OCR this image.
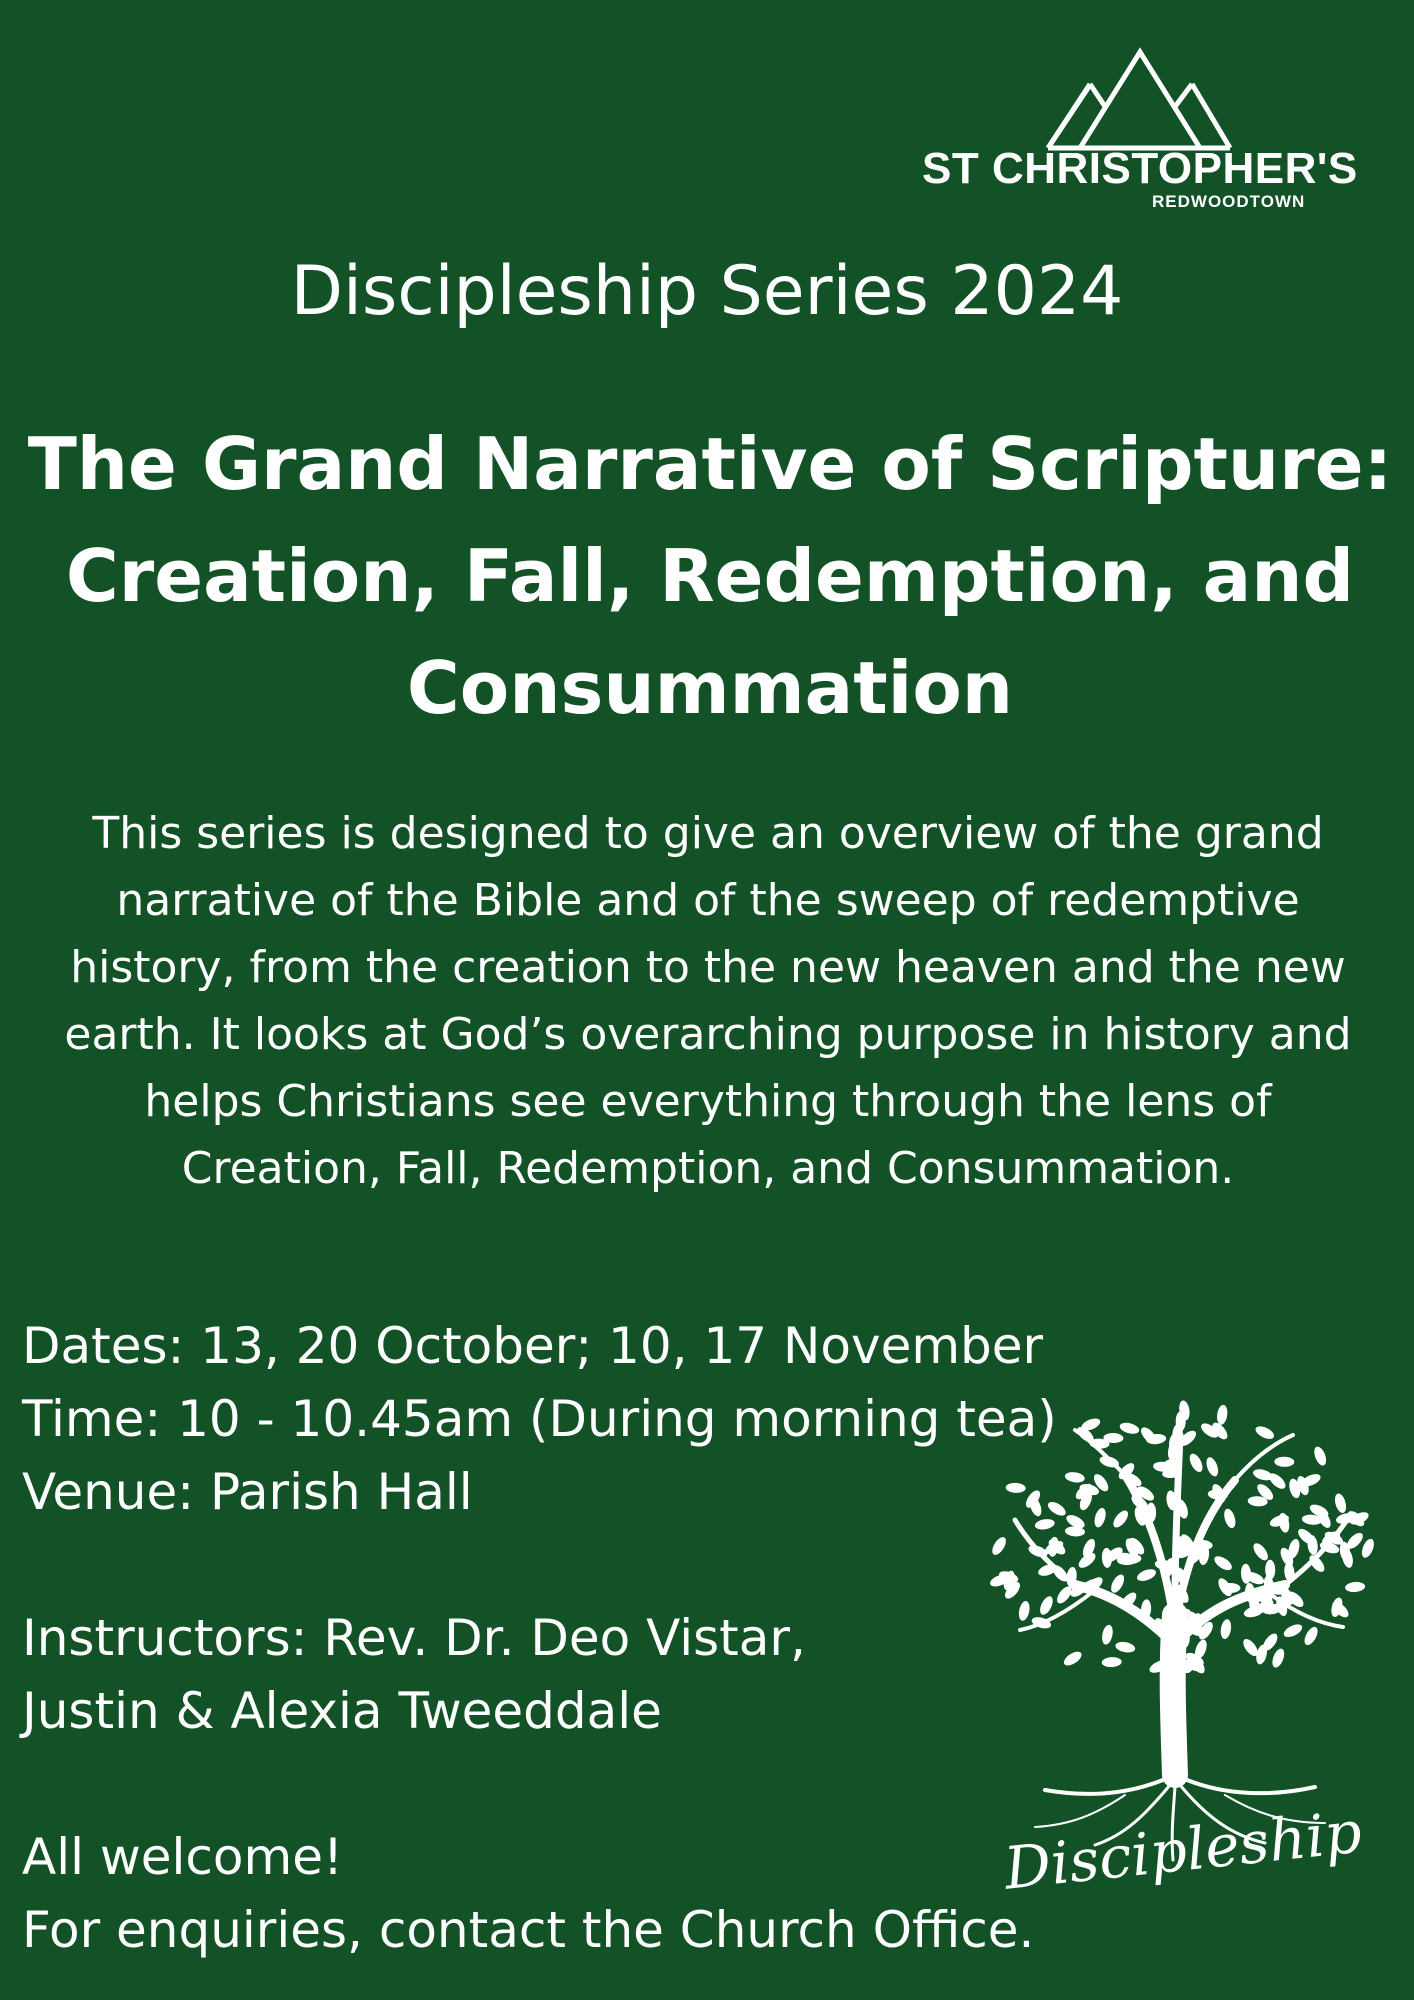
ST CHRISTOPHER'S
REDWOODTOWN
Discipleship Series 2024
The Grand Narrative of Scripture:
Creation, Fall, Redemption, and
Consummation
This series is designed to give an overview of the grand
narrative of the Bible and of the sweep of redemptive
history, from the creation to the new heaven and the new
earth. It looks at God’s overarching purpose in history and
helps Christians see everything through the lens of
Creation, Fall, Redemption, and Consummation.
Dates: 13, 20 October; 10, 17 November
Time: 10 - 10.45am (During morning tea)
Venue: Parish Hall
Instructors: Rev. Dr. Deo Vistar,
Justin & Alexia Tweeddale
All welcome!
For enquiries, contact the Church Office.
Discipleship
